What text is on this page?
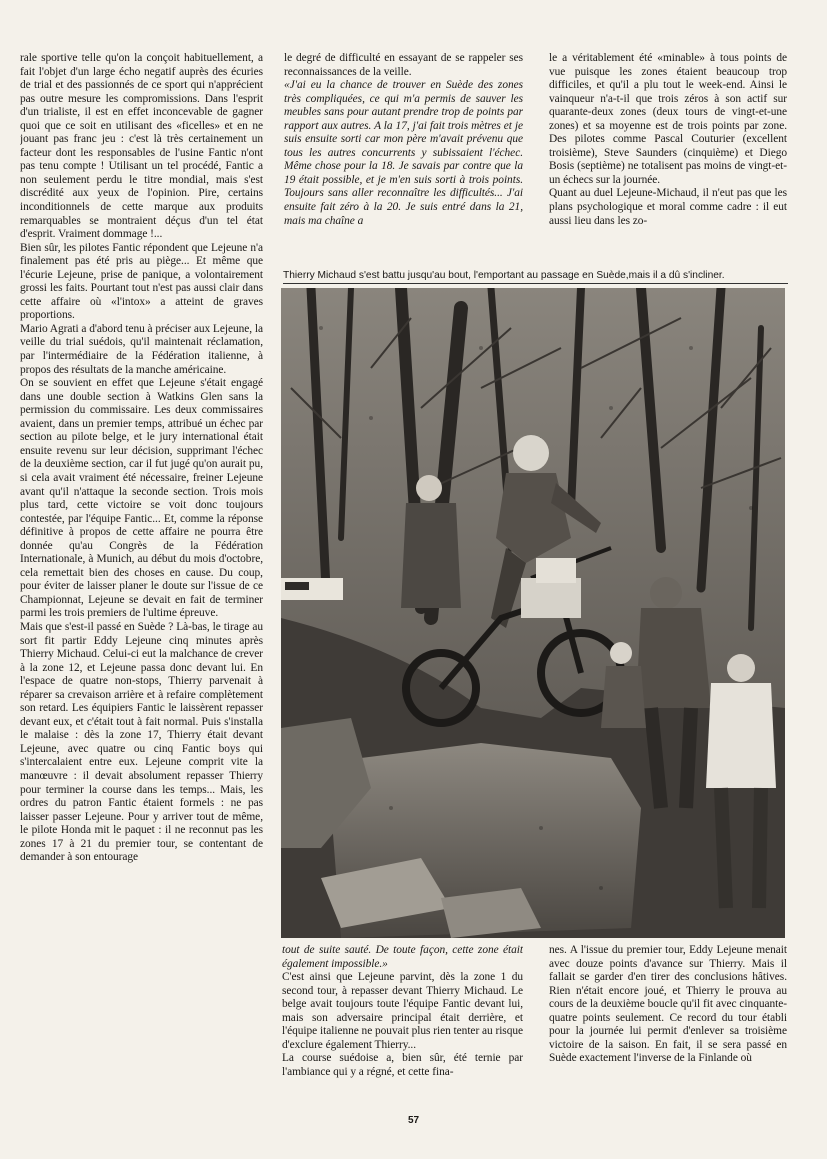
rale sportive telle qu'on la conçoit habituellement, a fait l'objet d'un large écho negatif auprès des écuries de trial et des passionnés de ce sport qui n'apprécient pas outre mesure les compromissions. Dans l'esprit d'un trialiste, il est en effet inconcevable de gagner quoi que ce soit en utilisant des «ficelles» et en ne jouant pas franc jeu : c'est là très certainement un facteur dont les responsables de l'usine Fantic n'ont pas tenu compte ! Utilisant un tel procédé, Fantic a non seulement perdu le titre mondial, mais s'est discrédité aux yeux de l'opinion. Pire, certains inconditionnels de cette marque aux produits remarquables se montraient déçus d'un tel état d'esprit. Vraiment dommage !...

Bien sûr, les pilotes Fantic répondent que Lejeune n'a finalement pas été pris au piège... Et même que l'écurie Lejeune, prise de panique, a volontairement grossi les faits. Pourtant tout n'est pas aussi clair dans cette affaire où «l'intox» a atteint de graves proportions.

Mario Agrati a d'abord tenu à préciser aux Lejeune, la veille du trial suédois, qu'il maintenait réclamation, par l'intermédiaire de la Fédération italienne, à propos des résultats de la manche américaine.

On se souvient en effet que Lejeune s'était engagé dans une double section à Watkins Glen sans la permission du commissaire. Les deux commissaires avaient, dans un premier temps, attribué un échec par section au pilote belge, et le jury international était ensuite revenu sur leur décision, supprimant l'échec de la deuxième section, car il fut jugé qu'on aurait pu, si cela avait vraiment été nécessaire, freiner Lejeune avant qu'il n'attaque la seconde section. Trois mois plus tard, cette victoire se voit donc toujours contestée, par l'équipe Fantic... Et, comme la réponse définitive à propos de cette affaire ne pourra être donnée qu'au Congrès de la Fédération Internationale, à Munich, au début du mois d'octobre, cela remettait bien des choses en cause. Du coup, pour éviter de laisser planer le doute sur l'issue de ce Championnat, Lejeune se devait en fait de terminer parmi les trois premiers de l'ultime épreuve.

Mais que s'est-il passé en Suède ? Là-bas, le tirage au sort fit partir Eddy Lejeune cinq minutes après Thierry Michaud. Celui-ci eut la malchance de crever à la zone 12, et Lejeune passa donc devant lui. En l'espace de quatre non-stops, Thierry parvenait à réparer sa crevaison arrière et à refaire complètement son retard. Les équipiers Fantic le laissèrent repasser devant eux, et c'était tout à fait normal. Puis s'installa le malaise : dès la zone 17, Thierry était devant Lejeune, avec quatre ou cinq Fantic boys qui s'intercalaient entre eux. Lejeune comprit vite la manœuvre : il devait absolument repasser Thierry pour terminer la course dans les temps... Mais, les ordres du patron Fantic étaient formels : ne pas laisser passer Lejeune. Pour y arriver tout de même, le pilote Honda mit le paquet : il ne reconnut pas les zones 17 à 21 du premier tour, se contentant de demander à son entourage

le degré de difficulté en essayant de se rappeler ses reconnaissances de la veille.

«J'ai eu la chance de trouver en Suède des zones très compliquées, ce qui m'a permis de sauver les meubles sans pour autant prendre trop de points par rapport aux autres. A la 17, j'ai fait trois mètres et je suis ensuite sorti car mon père m'avait prévenu que tous les autres concurrents y subissaient l'échec. Même chose pour la 18. Je savais par contre que la 19 était possible, et je m'en suis sorti à trois points. Toujours sans aller reconnaître les difficultés... J'ai ensuite fait zéro à la 20. Je suis entré dans la 21, mais ma chaîne a

le a véritablement été «minable» à tous points de vue puisque les zones étaient beaucoup trop difficiles, et qu'il a plu tout le week-end. Ainsi le vainqueur n'a-t-il que trois zéros à son actif sur quarante-deux zones (deux tours de vingt-et-une zones) et sa moyenne est de trois points par zone. Des pilotes comme Pascal Couturier (excellent troisième), Steve Saunders (cinquième) et Diego Bosis (septième) ne totalisent pas moins de vingt-et-un échecs sur la journée.

Quant au duel Lejeune-Michaud, il n'eut pas que les plans psychologique et moral comme cadre : il eut aussi lieu dans les zo-

Thierry Michaud s'est battu jusqu'au bout, l'emportant au passage en Suède,mais il a dû s'incliner.

tout de suite sauté. De toute façon, cette zone était également impossible.»

C'est ainsi que Lejeune parvint, dès la zone 1 du second tour, à repasser devant Thierry Michaud. Le belge avait toujours toute l'équipe Fantic devant lui, mais son adversaire principal était derrière, et l'équipe italienne ne pouvait plus rien tenter au risque d'exclure également Thierry...

La course suédoise a, bien sûr, été ternie par l'ambiance qui y a régné, et cette fina-

nes. A l'issue du premier tour, Eddy Lejeune menait avec douze points d'avance sur Thierry. Mais il fallait se garder d'en tirer des conclusions hâtives. Rien n'était encore joué, et Thierry le prouva au cours de la deuxième boucle qu'il fit avec cinquante-quatre points seulement. Ce record du tour établi pour la journée lui permit d'enlever sa troisième victoire de la saison. En fait, il se sera passé en Suède exactement l'inverse de la Finlande où

57
